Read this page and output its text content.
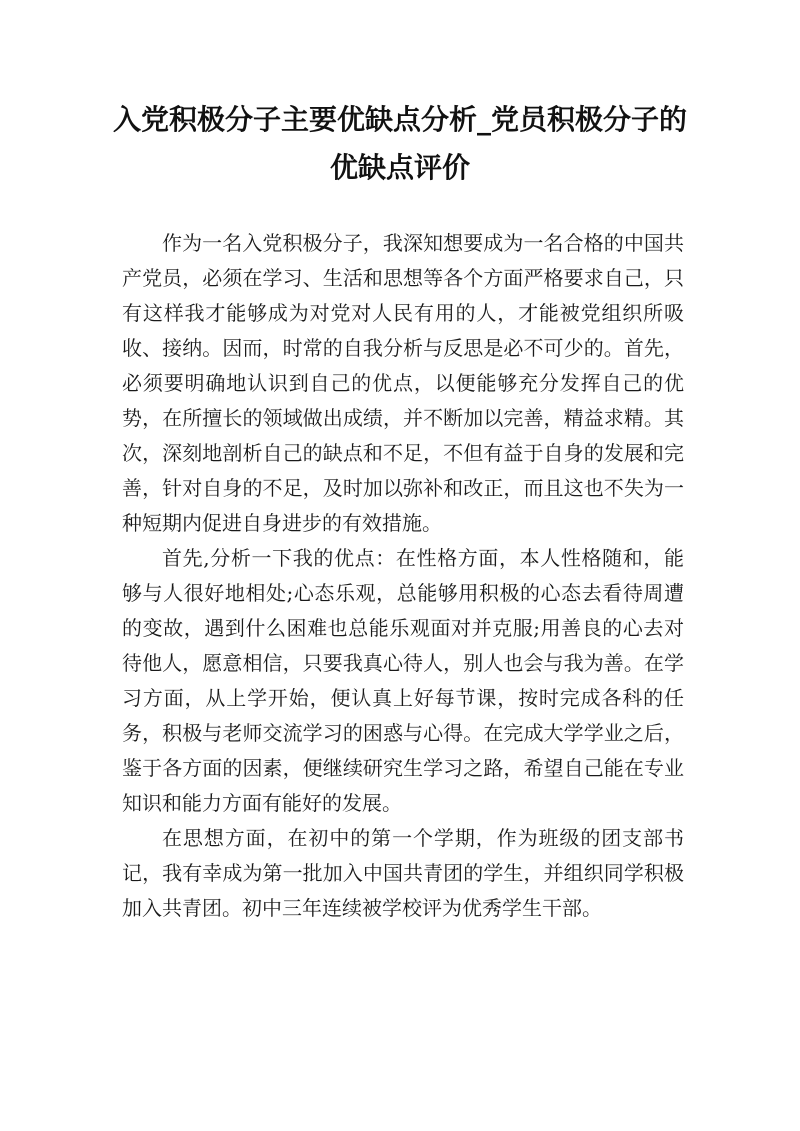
入党积极分子主要优缺点分析_党员积极分子的优缺点评价

作为一名入党积极分子，我深知想要成为一名合格的中国共产党员，必须在学习、生活和思想等各个方面严格要求自己，只有这样我才能够成为对党对人民有用的人，才能被党组织所吸收、接纳。因而，时常的自我分析与反思是必不可少的。首先，必须要明确地认识到自己的优点，以便能够充分发挥自己的优势，在所擅长的领域做出成绩，并不断加以完善，精益求精。其次，深刻地剖析自己的缺点和不足，不但有益于自身的发展和完善，针对自身的不足，及时加以弥补和改正，而且这也不失为一种短期内促进自身进步的有效措施。

首先,分析一下我的优点：在性格方面，本人性格随和，能够与人很好地相处;心态乐观，总能够用积极的心态去看待周遭的变故，遇到什么困难也总能乐观面对并克服;用善良的心去对待他人，愿意相信，只要我真心待人，别人也会与我为善。在学习方面，从上学开始，便认真上好每节课，按时完成各科的任务，积极与老师交流学习的困惑与心得。在完成大学学业之后，鉴于各方面的因素，便继续研究生学习之路，希望自己能在专业知识和能力方面有能好的发展。

在思想方面，在初中的第一个学期，作为班级的团支部书记，我有幸成为第一批加入中国共青团的学生，并组织同学积极加入共青团。初中三年连续被学校评为优秀学生干部。
